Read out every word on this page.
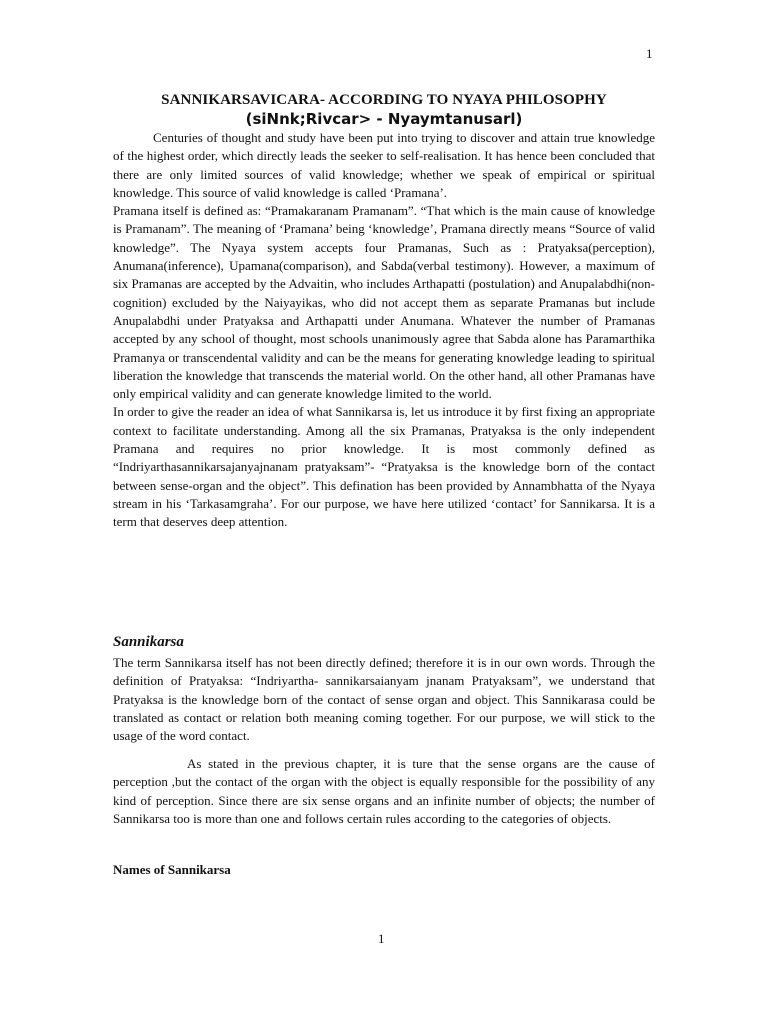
1
SANNIKARSAVICARA- ACCORDING TO NYAYA PHILOSOPHY
(siNnk;Rivcar> - Nyaymtanusarl)
Centuries of thought and study have been put into trying to discover and attain true knowledge of the highest order, which directly leads the seeker to self-realisation. It has hence been concluded that there are only limited sources of valid knowledge; whether we speak of empirical or spiritual knowledge. This source of valid knowledge is called ‘Pramana’.
Pramana itself is defined as: “Pramakaranam Pramanam”. “That which is the main cause of knowledge is Pramanam”. The meaning of ‘Pramana’ being ‘knowledge’, Pramana directly means “Source of valid knowledge”. The Nyaya system accepts four Pramanas, Such as : Pratyaksa(perception), Anumana(inference), Upamana(comparison), and Sabda(verbal testimony). However, a maximum of six Pramanas are accepted by the Advaitin, who includes Arthapatti (postulation) and Anupalabdhi(non-cognition) excluded by the Naiyayikas, who did not accept them as separate Pramanas but include Anupalabdhi under Pratyaksa and Arthapatti under Anumana. Whatever the number of Pramanas accepted by any school of thought, most schools unanimously agree that Sabda alone has Paramarthika Pramanya or transcendental validity and can be the means for generating knowledge leading to spiritual liberation the knowledge that transcends the material world. On the other hand, all other Pramanas have only empirical validity and can generate knowledge limited to the world.
In order to give the reader an idea of what Sannikarsa is, let us introduce it by first fixing an appropriate context to facilitate understanding. Among all the six Pramanas, Pratyaksa is the only independent Pramana and requires no prior knowledge. It is most commonly defined as “Indriyarthasannikarsajanyajnanam pratyaksam”- “Pratyaksa is the knowledge born of the contact between sense-organ and the object”. This defination has been provided by Annambhatta of the Nyaya stream in his ‘Tarkasamgraha’. For our purpose, we have here utilized ‘contact’ for Sannikarsa. It is a term that deserves deep attention.
Sannikarsa
The term Sannikarsa itself has not been directly defined; therefore it is in our own words. Through the definition of Pratyaksa: “Indriyartha- sannikarsaianyam jnanam Pratyaksam”, we understand that Pratyaksa is the knowledge born of the contact of sense organ and object. This Sannikarasa could be translated as contact or relation both meaning coming together. For our purpose, we will stick to the usage of the word contact.
As stated in the previous chapter, it is ture that the sense organs are the cause of perception ,but the contact of the organ with the object is equally responsible for the possibility of any kind of perception. Since there are six sense organs and an infinite number of objects; the number of Sannikarsa too is more than one and follows certain rules according to the categories of objects.
Names of Sannikarsa
1
